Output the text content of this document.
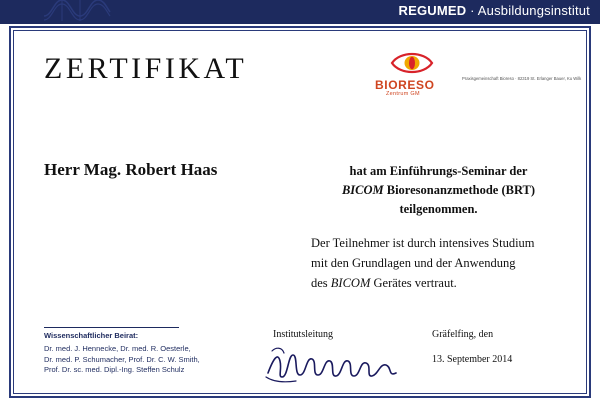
REGUMED · Ausbildungsinstitut
ZERTIFIKAT	BIORESO
Zentrum GM
Praxisgemeinschaft Bioreso · 82319 St. Erlanger Bauer, Ku Wilk
Herr Mag. Robert Haas	hat am Einführungs-Seminar der
BICOM Bioresonanzmethode (BRT)
teilgenommen.
Der Teilnehmer ist durch intensives Studium
mit den Grundlagen und der Anwendung
des BICOM Gerätes vertraut.
Wissenschaftlicher Beirat:
Dr. med. J. Hennecke, Dr. med. R. Oesterle,
Dr. med. P. Schumacher, Prof. Dr. C. W. Smith,
Prof. Dr. sc. med. Dipl.-Ing. Steffen Schulz
Institutsleitung	Gräfelfing, den
13. September 2014
